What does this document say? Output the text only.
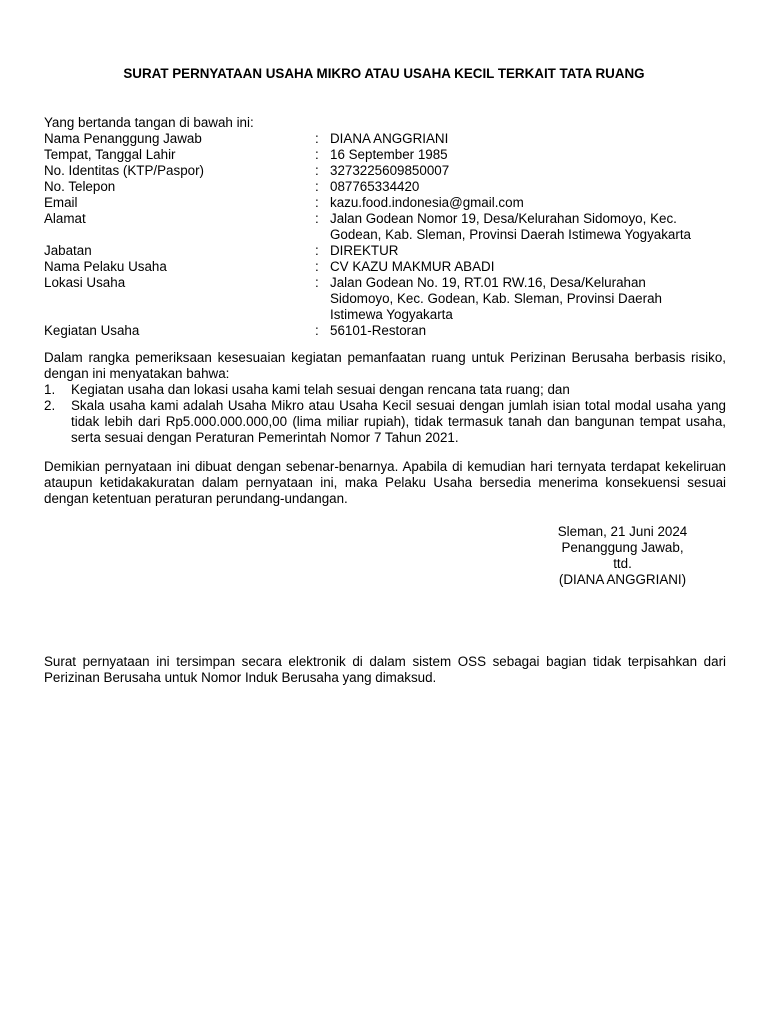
SURAT PERNYATAAN USAHA MIKRO ATAU USAHA KECIL TERKAIT TATA RUANG
Yang bertanda tangan di bawah ini:
Nama Penanggung Jawab	: DIANA ANGGRIANI
Tempat, Tanggal Lahir	: 16 September 1985
No. Identitas (KTP/Paspor)	: 3273225609850007
No. Telepon	: 087765334420
Email	: kazu.food.indonesia@gmail.com
Alamat	: Jalan Godean Nomor 19, Desa/Kelurahan Sidomoyo, Kec.
Godean, Kab. Sleman, Provinsi Daerah Istimewa Yogyakarta
Jabatan	: DIREKTUR
Nama Pelaku Usaha	: CV KAZU MAKMUR ABADI
Lokasi Usaha	: Jalan Godean No. 19, RT.01 RW.16, Desa/Kelurahan
Sidomoyo, Kec. Godean, Kab. Sleman, Provinsi Daerah
Istimewa Yogyakarta
Kegiatan Usaha	: 56101-Restoran
Dalam rangka pemeriksaan kesesuaian kegiatan pemanfaatan ruang untuk Perizinan Berusaha berbasis risiko, dengan ini menyatakan bahwa:
1.	Kegiatan usaha dan lokasi usaha kami telah sesuai dengan rencana tata ruang; dan
2.	Skala usaha kami adalah Usaha Mikro atau Usaha Kecil sesuai dengan jumlah isian total modal usaha yang tidak lebih dari Rp5.000.000.000,00 (lima miliar rupiah), tidak termasuk tanah dan bangunan tempat usaha, serta sesuai dengan Peraturan Pemerintah Nomor 7 Tahun 2021.
Demikian pernyataan ini dibuat dengan sebenar-benarnya. Apabila di kemudian hari ternyata terdapat kekeliruan ataupun ketidakakuratan dalam pernyataan ini, maka Pelaku Usaha bersedia menerima konsekuensi sesuai dengan ketentuan peraturan perundang-undangan.
Sleman, 21 Juni 2024
Penanggung Jawab,
ttd.
(DIANA ANGGRIANI)
Surat pernyataan ini tersimpan secara elektronik di dalam sistem OSS sebagai bagian tidak terpisahkan dari Perizinan Berusaha untuk Nomor Induk Berusaha yang dimaksud.
